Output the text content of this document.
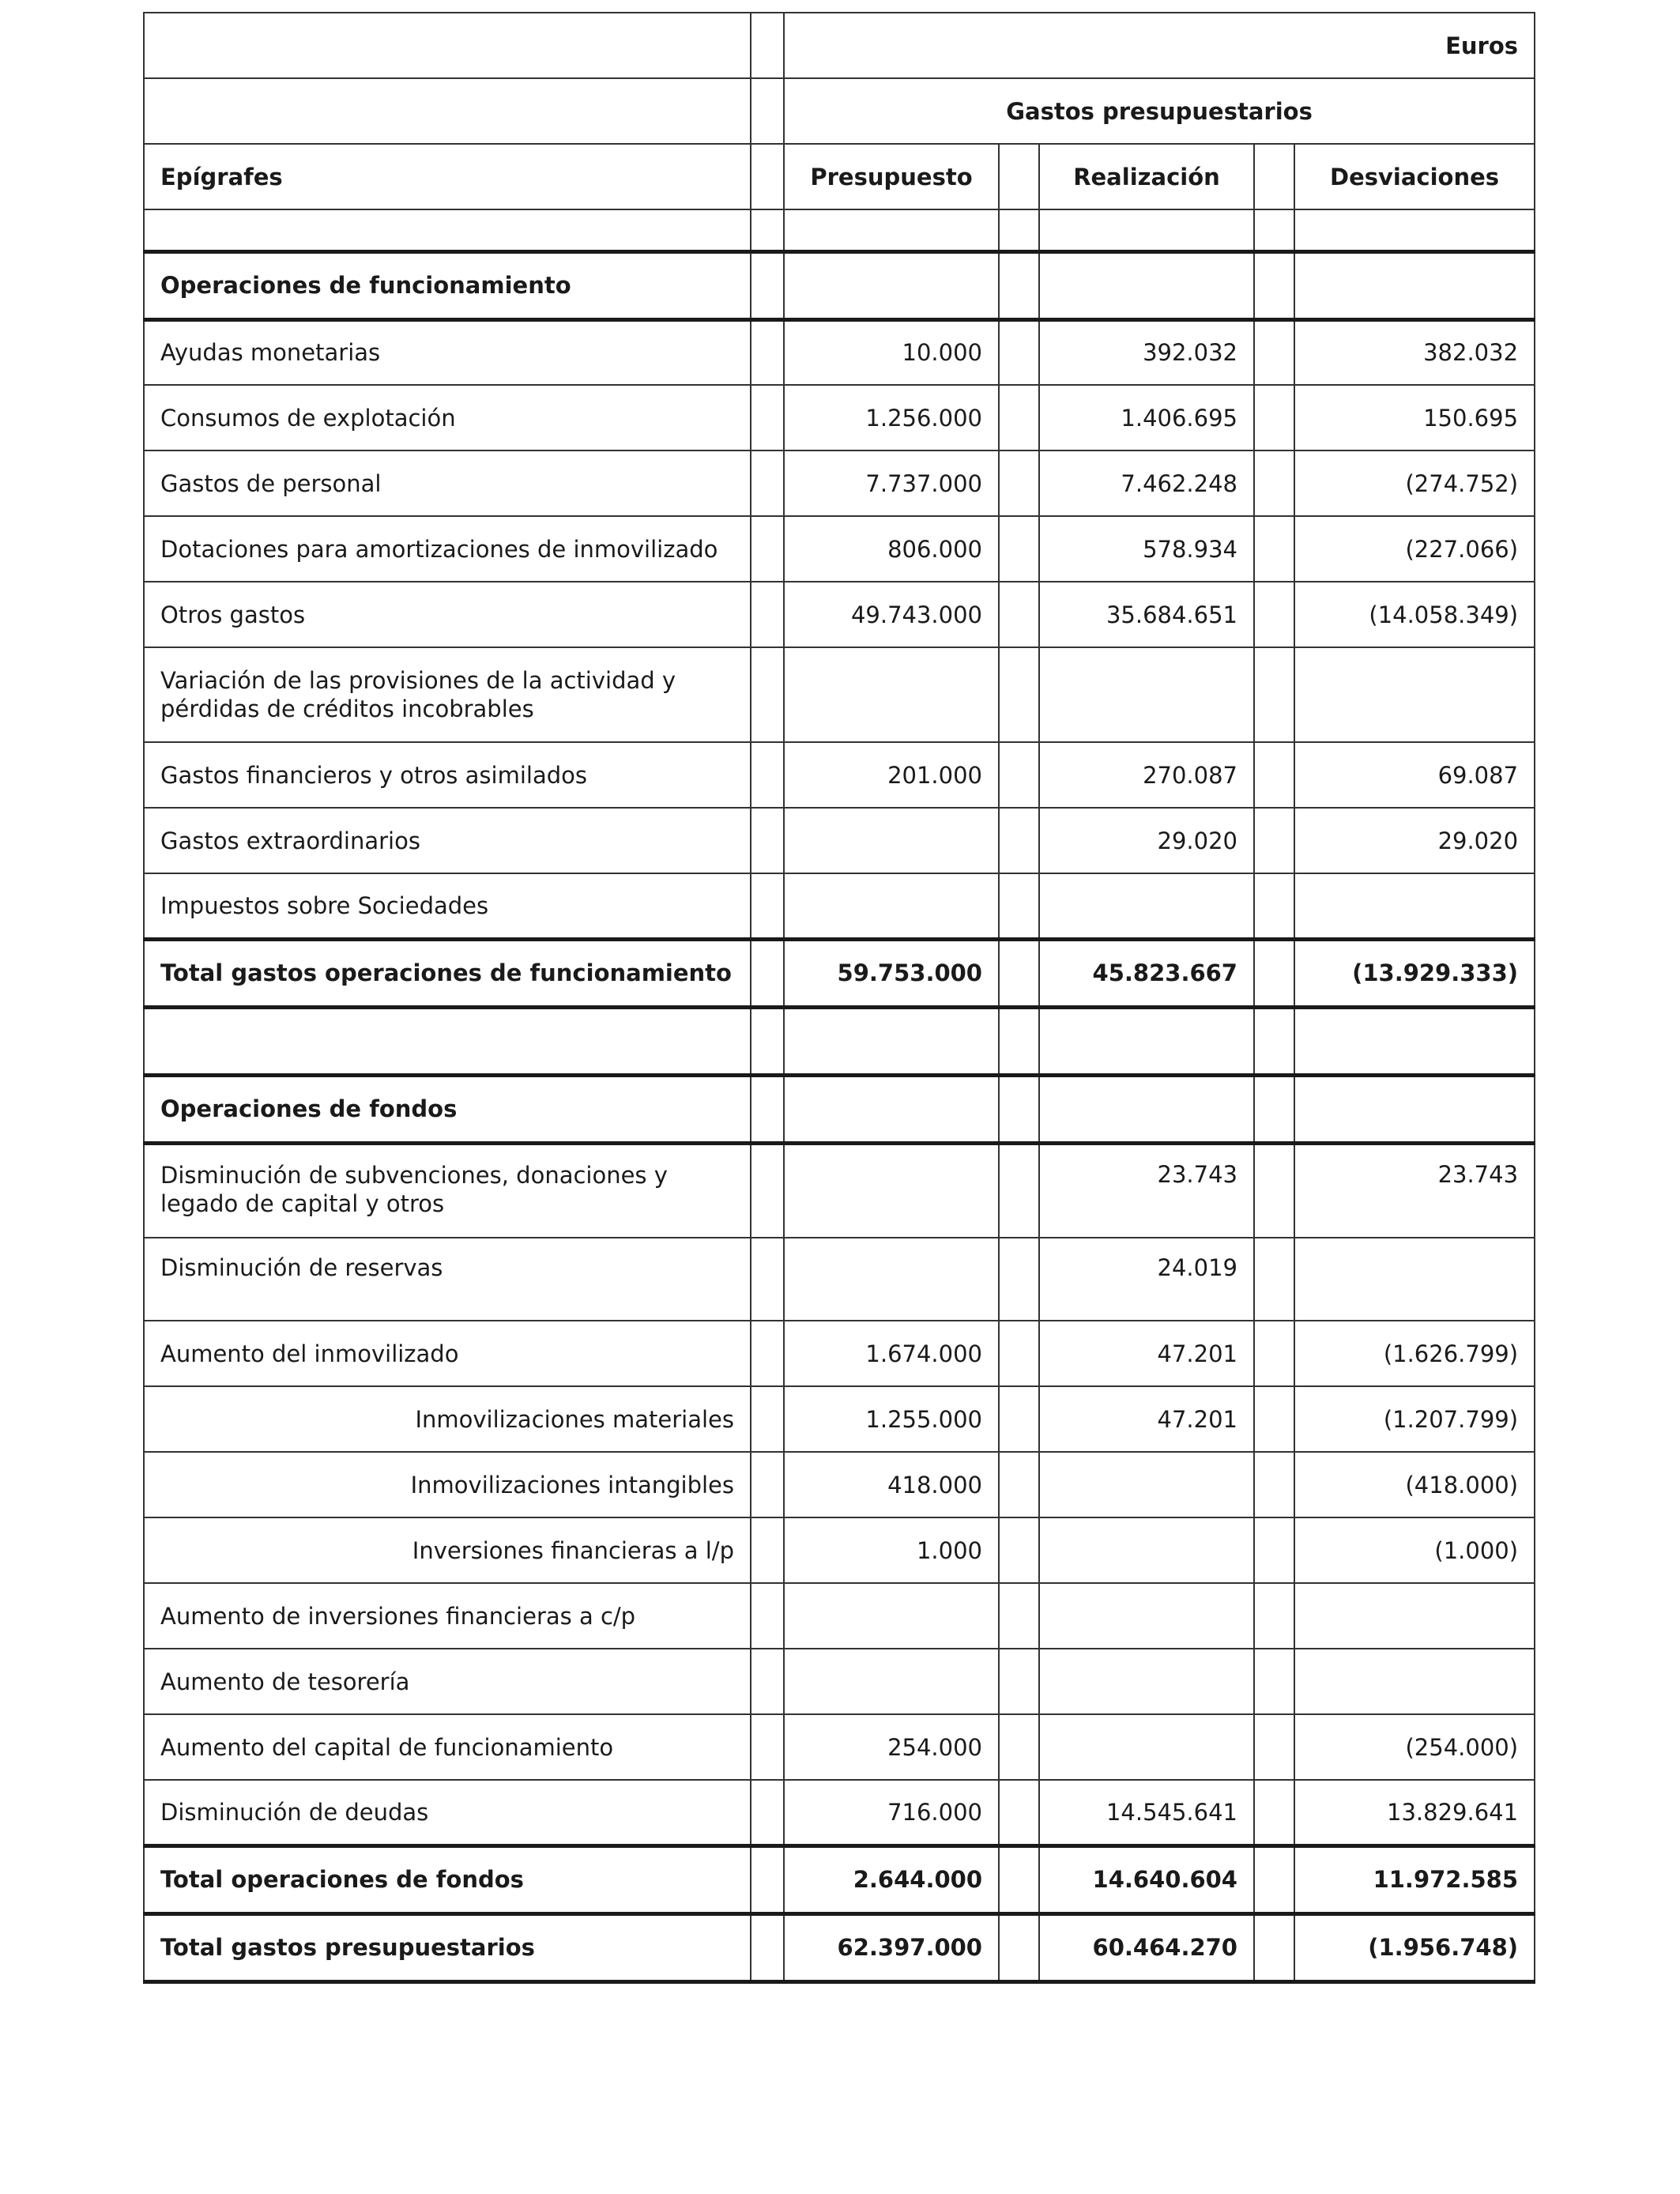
		Euros				
		Gastos presupuestarios				
Epígrafes		Presupuesto		Realización		Desviaciones

Operaciones de funcionamiento						
Ayudas monetarias		10.000		392.032		382.032
Consumos de explotación		1.256.000		1.406.695		150.695
Gastos de personal		7.737.000		7.462.248		(274.752)
Dotaciones para amortizaciones de inmovilizado		806.000		578.934		(227.066)
Otros gastos		49.743.000		35.684.651		(14.058.349)
Variación de las provisiones de la actividad y pérdidas de créditos incobrables						
Gastos financieros y otros asimilados		201.000		270.087		69.087
Gastos extraordinarios				29.020		29.020
Impuestos sobre Sociedades						
Total gastos operaciones de funcionamiento		59.753.000		45.823.667		(13.929.333)

Operaciones de fondos						
Disminución de subvenciones, donaciones y legado de capital y otros				23.743		23.743
Disminución de reservas				24.019		
Aumento del inmovilizado		1.674.000		47.201		(1.626.799)
Inmovilizaciones materiales		1.255.000		47.201		(1.207.799)
Inmovilizaciones intangibles		418.000				(418.000)
Inversiones financieras a l/p		1.000				(1.000)
Aumento de inversiones financieras a c/p						
Aumento de tesorería						
Aumento del capital de funcionamiento		254.000				(254.000)
Disminución de deudas		716.000		14.545.641		13.829.641
Total operaciones de fondos		2.644.000		14.640.604		11.972.585
Total gastos presupuestarios		62.397.000		60.464.270		(1.956.748)
